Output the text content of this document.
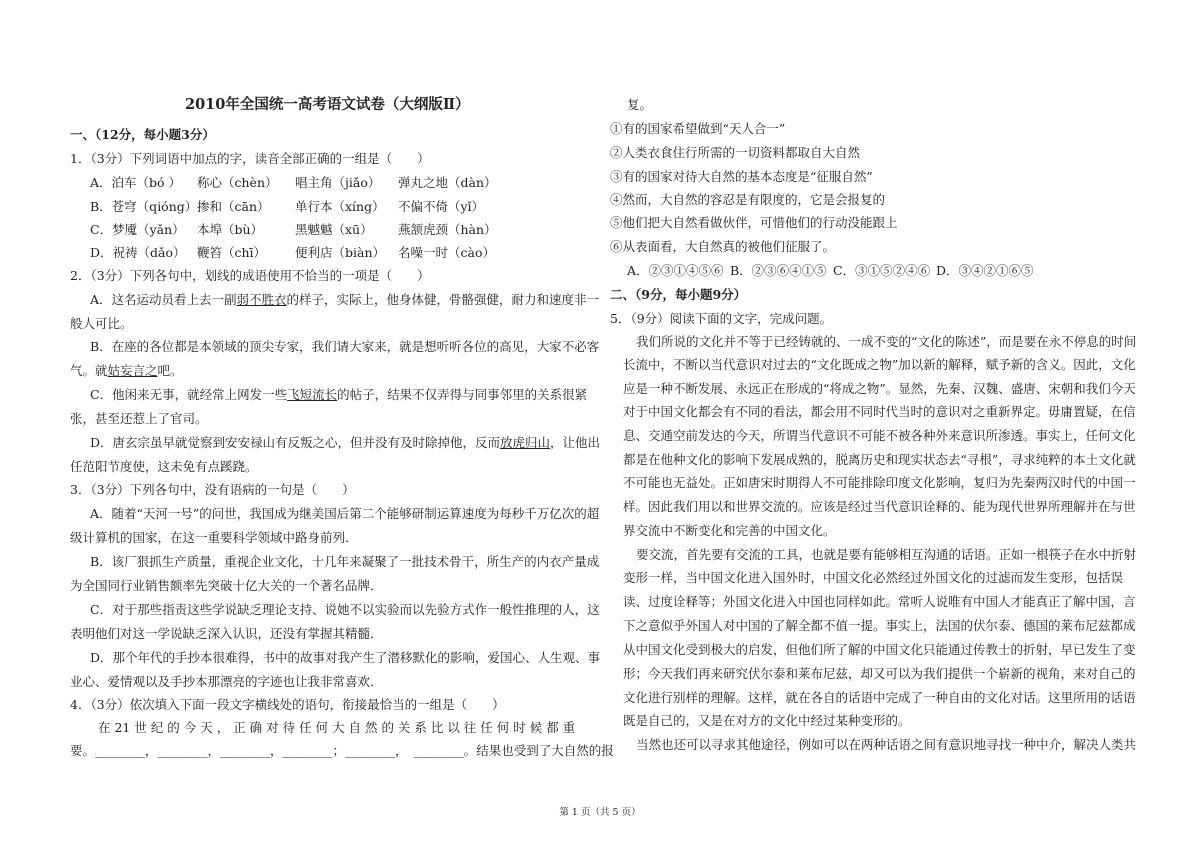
2010年全国统一高考语文试卷（大纲版Ⅱ）
一、（12分，每小题3分）
1．（3分）下列词语中加点的字，读音全部正确的一组是（　　）
A．泊车（bó ） 称心（chèn） 唱主角（jiǎo） 弹丸之地（dàn）
B．苍穹（qióng）掺和（cān） 单行本（xíng） 不偏不倚（yǐ）
C．梦魇（yǎn） 本埠（bù）	黑魆魆（xū） 燕颔虎颈（hàn）
D．祝祷（dǎo） 鞭笞（chī） 便利店（biàn） 名噪一时（cào）
2．（3分）下列各句中，划线的成语使用不恰当的一项是（　　）
A．这名运动员看上去一副弱不胜衣的样子，实际上，他身体健，骨骼强健，耐力和速度非一
般人可比。
B．在座的各位都是本领域的顶尖专家，我们请大家来，就是想听听各位的高见，大家不必客
气。就姑妄言之吧。
C．他闲来无事，就经常上网发一些飞短流长的帖子，结果不仅弄得与同事邻里的关系很紧
张，甚至还惹上了官司。
D．唐玄宗虽早就觉察到安安禄山有反叛之心，但并没有及时除掉他，反而放虎归山，让他出
任范阳节度使，这未免有点蹊跷。
3．（3分）下列各句中，没有语病的一句是（　　）
A．随着“天河一号”的问世，我国成为继美国后第二个能够研制运算速度为每秒千万亿次的超
级计算机的国家，在这一重要科学领域中路身前列．
B．该厂狠抓生产质量，重视企业文化，十几年来凝聚了一批技术骨干，所生产的内衣产量成
为全国同行业销售额率先突破十亿大关的一个著名品牌．
C．对于那些指责这些学说缺乏理论支持、说她不以实验而以先验方式作一般性推理的人，这
表明他们对这一学说缺乏深入认识，还没有掌握其精髓．
D．那个年代的手抄本很难得，书中的故事对我产生了潜移默化的影响，爱国心、人生观、事
业心、爱情观以及手抄本那漂亮的字迹也让我非常喜欢．
4．（3分）依次填入下面一段文字横线处的语句，衔接最恰当的一组是（　　）
在 21 世 纪 的 今 天 ， 正 确 对 待 任 何 大 自 然 的 关 系 比 以 往 任 何 时 候 都 重
要。________，________，________，________；________，　________。结果也受到了大自然的报
复。
①有的国家希望做到“天人合一”
②人类衣食住行所需的一切资料都取自大自然
③有的国家对待大自然的基本态度是“征服自然”
④然而，大自然的容忍是有限度的，它是会报复的
⑤他们把大自然看做伙伴，可惜他们的行动没能跟上
⑥从表面看，大自然真的被他们征服了。
A．②③①④⑤⑥ B．②③⑥④①⑤ C．③①⑤②④⑥ D．③④②①⑥⑤
二、（9分，每小题9分）
5．（9分）阅读下面的文字，完成问题。
我们所说的文化并不等于已经铸就的、一成不变的“文化的陈述”，而是要在永不停息的时间
长流中，不断以当代意识对过去的“文化既成之物”加以新的解释，赋予新的含义。因此，文化
应是一种不断发展、永远正在形成的“将成之物”。显然，先秦、汉魏、盛唐、宋朝和我们今天
对于中国文化都会有不同的看法，都会用不同时代当时的意识对之重新界定。毋庸置疑，在信
息、交通空前发达的今天，所谓当代意识不可能不被各种外来意识所渗透。事实上，任何文化
都是在他种文化的影响下发展成熟的，脱离历史和现实状态去“寻根”，寻求纯粹的本土文化就
不可能也无益处。正如唐宋时期得人不可能排除印度文化影响，复归为先秦两汉时代的中国一
样。因此我们用以和世界交流的。应该是经过当代意识诠释的、能为现代世界所理解并在与世
界交流中不断变化和完善的中国文化。
要交流，首先要有交流的工具，也就是要有能够相互沟通的话语。正如一根筷子在水中折射
变形一样，当中国文化进入国外时，中国文化必然经过外国文化的过滤而发生变形，包括误
读、过度诠释等；外国文化进入中国也同样如此。常听人说唯有中国人才能真正了解中国，言
下之意似乎外国人对中国的了解全都不值一提。事实上，法国的伏尔泰、德国的莱布尼兹都成
从中国文化受到极大的启发，但他们所了解的中国文化只能通过传教士的折射，早已发生了变
形；今天我们再来研究伏尔泰和莱布尼兹，却又可以为我们提供一个崭新的视角，来对自己的
文化进行别样的理解。这样，就在各自的话语中完成了一种自由的文化对话。这里所用的话语
既是自己的，又是在对方的文化中经过某种变形的。
当然也还可以寻求其他途径，例如可以在两种话语之间有意识地寻找一种中介，解决人类共
第 1 页（共 5 页）
